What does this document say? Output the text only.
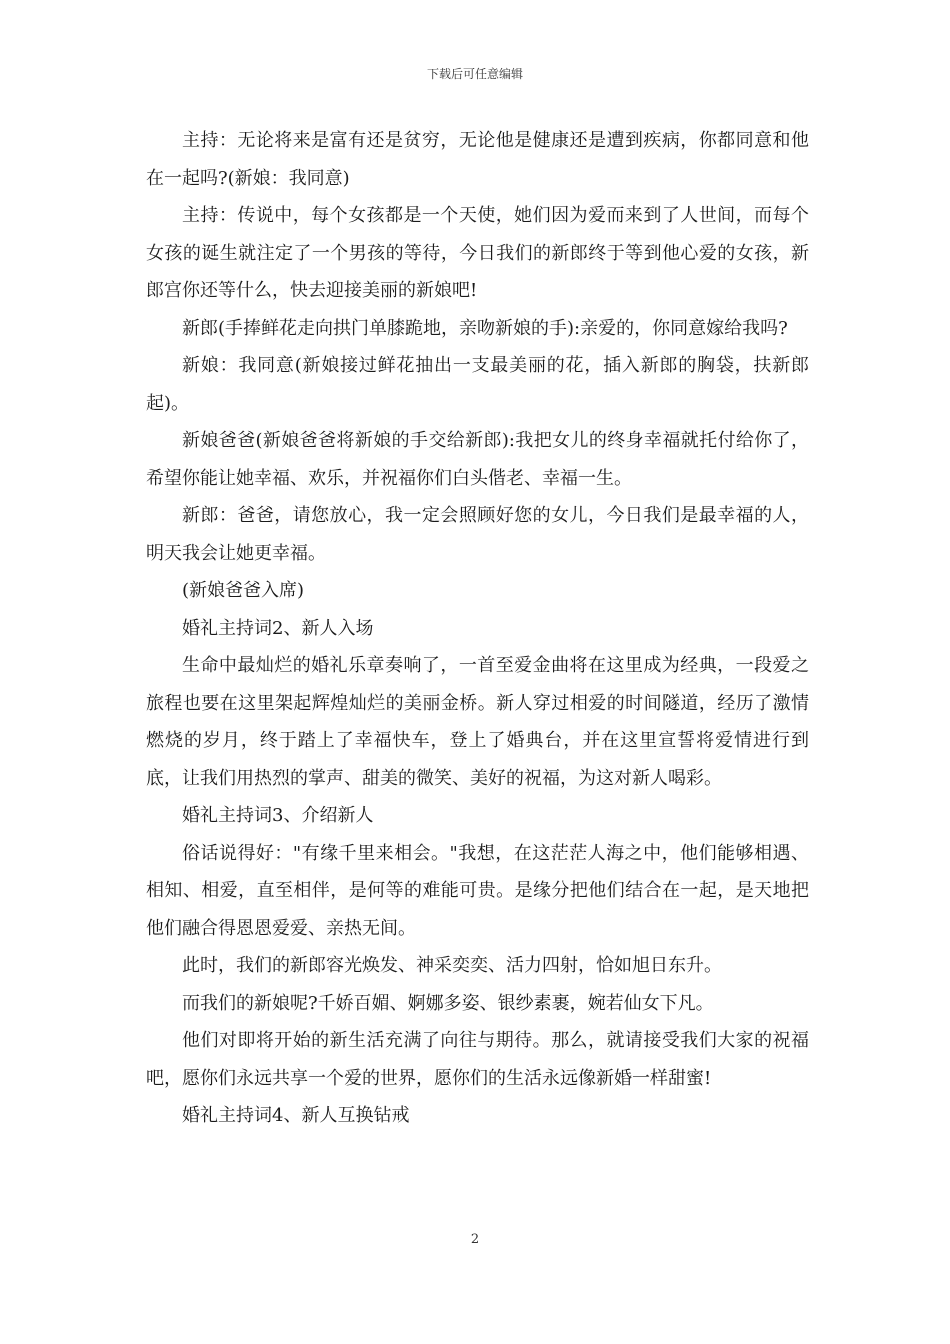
下载后可任意编辑

主持：无论将来是富有还是贫穷，无论他是健康还是遭到疾病，你都同意和他在一起吗?(新娘：我同意)

主持：传说中，每个女孩都是一个天使，她们因为爱而来到了人世间，而每个女孩的诞生就注定了一个男孩的等待，今日我们的新郎终于等到他心爱的女孩，新郎宫你还等什么，快去迎接美丽的新娘吧!

新郎(手捧鲜花走向拱门单膝跪地，亲吻新娘的手):亲爱的，你同意嫁给我吗?

新娘：我同意(新娘接过鲜花抽出一支最美丽的花，插入新郎的胸袋，扶新郎起)。

新娘爸爸(新娘爸爸将新娘的手交给新郎):我把女儿的终身幸福就托付给你了，希望你能让她幸福、欢乐，并祝福你们白头偕老、幸福一生。

新郎：爸爸，请您放心，我一定会照顾好您的女儿，今日我们是最幸福的人，明天我会让她更幸福。

(新娘爸爸入席)

婚礼主持词2、新人入场

生命中最灿烂的婚礼乐章奏响了，一首至爱金曲将在这里成为经典，一段爱之旅程也要在这里架起辉煌灿烂的美丽金桥。新人穿过相爱的时间隧道，经历了激情燃烧的岁月，终于踏上了幸福快车，登上了婚典台，并在这里宣誓将爱情进行到底，让我们用热烈的掌声、甜美的微笑、美好的祝福，为这对新人喝彩。

婚礼主持词3、介绍新人

俗话说得好："有缘千里来相会。"我想，在这茫茫人海之中，他们能够相遇、相知、相爱，直至相伴，是何等的难能可贵。是缘分把他们结合在一起，是天地把他们融合得恩恩爱爱、亲热无间。

此时，我们的新郎容光焕发、神采奕奕、活力四射，恰如旭日东升。

而我们的新娘呢?千娇百媚、婀娜多姿、银纱素裹，婉若仙女下凡。

他们对即将开始的新生活充满了向往与期待。那么，就请接受我们大家的祝福吧，愿你们永远共享一个爱的世界，愿你们的生活永远像新婚一样甜蜜!

婚礼主持词4、新人互换钻戒

2
